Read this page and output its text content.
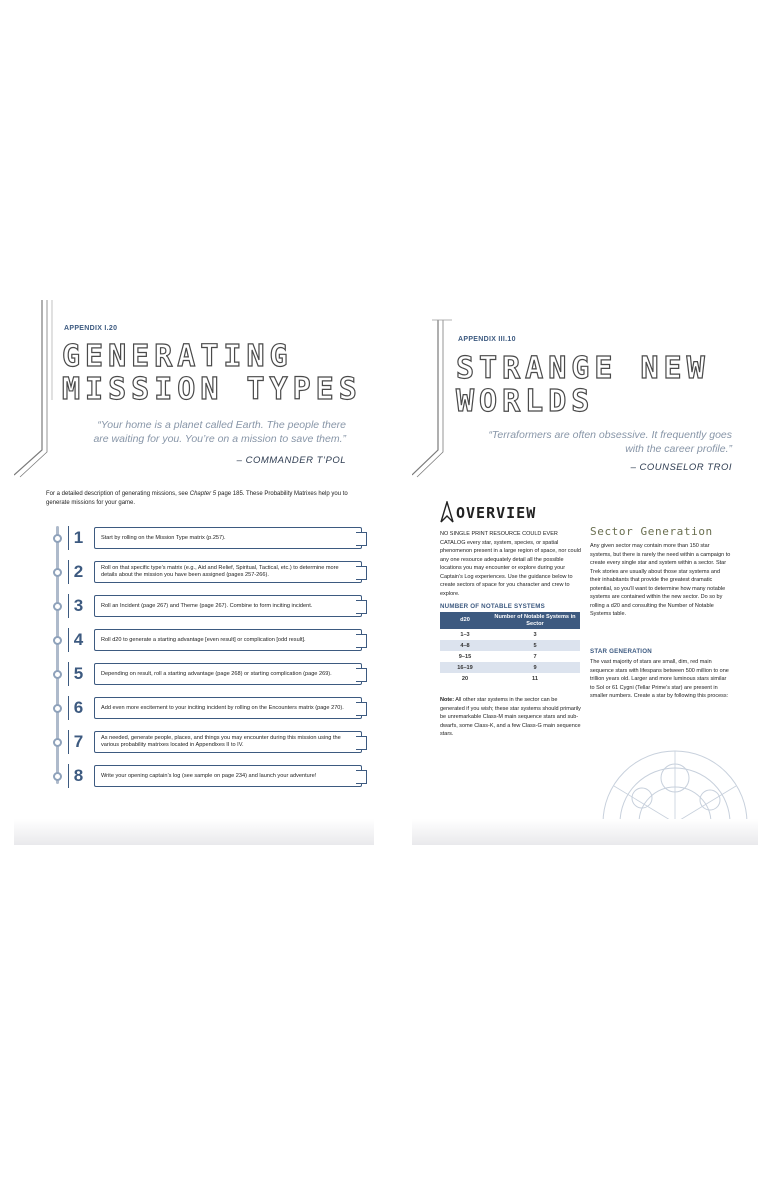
APPENDIX I.20
GENERATING
MISSION TYPES
“Your home is a planet called Earth. The people there
are waiting for you. You’re on a mission to save them.”
– COMMANDER T’POL
For a detailed description of generating missions, see Chapter 5 page 185. These Probability Matrixes help you to generate missions for your game.
1	Start by rolling on the Mission Type matrix (p.257).
2	Roll on that specific type’s matrix (e.g., Aid and Relief, Spiritual, Tactical, etc.) to determine more details about the mission you have been assigned (pages 257-266).
3	Roll an Incident (page 267) and Theme (page 267). Combine to form inciting incident.
4	Roll d20 to generate a starting advantage [even result] or complication [odd result].
5	Depending on result, roll a starting advantage (page 268) or starting complication (page 269).
6	Add even more excitement to your inciting incident by rolling on the Encounters matrix (page 270).
7	As needed, generate people, places, and things you may encounter during this mission using the various probability matrixes located in Appendixes II to IV.
8	Write your opening captain’s log (see sample on page 234) and launch your adventure!
APPENDIX III.10
STRANGE NEW
WORLDS
“Terraformers are often obsessive. It frequently goes
with the career profile.”
– COUNSELOR TROI
OVERVIEW
NO SINGLE PRINT RESOURCE COULD EVER CATALOG every star, system, species, or spatial phenomenon present in a large region of space, nor could any one resource adequately detail all the possible locations you may encounter or explore during your Captain’s Log experiences. Use the guidance below to create sectors of space for you character and crew to explore.
NUMBER OF NOTABLE SYSTEMS
d20	Number of Notable Systems in Sector
1–3	3
4–8	5
9–15	7
16–19	9
20	11
Note: All other star systems in the sector can be generated if you wish; these star systems should primarily be unremarkable Class-M main sequence stars and sub-dwarfs, some Class-K, and a few Class-G main sequence stars.
Sector Generation
Any given sector may contain more than 150 star systems, but there is rarely the need within a campaign to create every single star and system within a sector. Star Trek stories are usually about those star systems and their inhabitants that provide the greatest dramatic potential, so you’ll want to determine how many notable systems are contained within the new sector. Do so by rolling a d20 and consulting the Number of Notable Systems table.
STAR GENERATION
The vast majority of stars are small, dim, red main sequence stars with lifespans between 500 million to one trillion years old. Larger and more luminous stars similar to Sol or 61 Cygni (Tellar Prime’s star) are present in smaller numbers. Create a star by following this process:
